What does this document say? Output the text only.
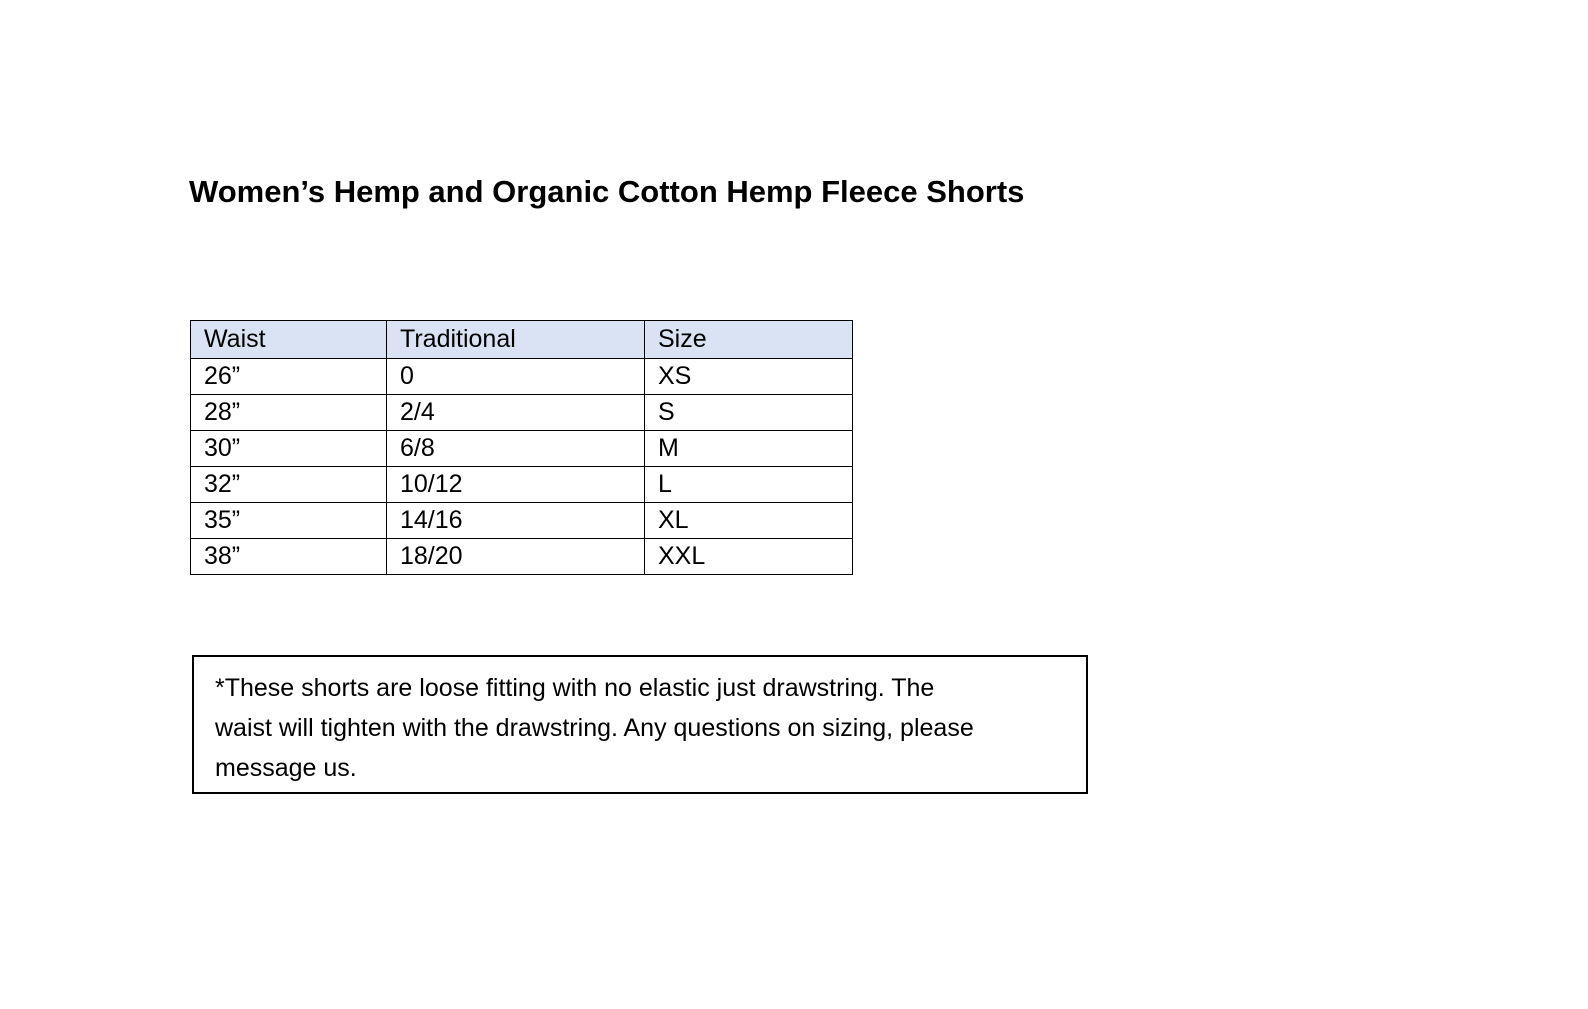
Women’s Hemp and Organic Cotton Hemp Fleece Shorts
Waist	Traditional	Size
26”	0	XS
28”	2/4	S
30”	6/8	M
32”	10/12	L
35”	14/16	XL
38”	18/20	XXL
*These shorts are loose fitting with no elastic just drawstring. The
waist will tighten with the drawstring. Any questions on sizing, please
message us.
